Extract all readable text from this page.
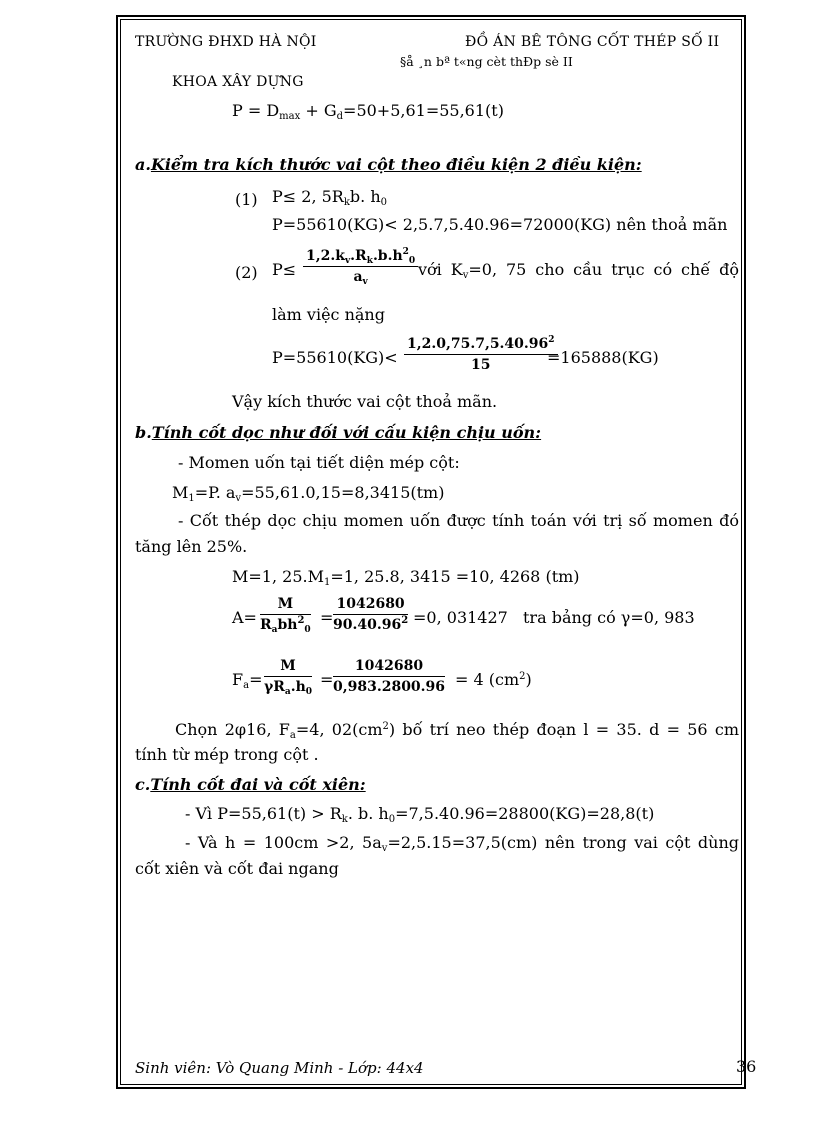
TRƯỜNG ĐHXD HÀ NỘI	ĐỒ ÁN BÊ TÔNG CỐT THÉP SỐ II
§å ¸n bª t«ng cèt thÐp sè II
KHOA XÂY DỰNG
$P = D_{max} + G_d=50+5,61=55,61(t)$
a.Kiểm tra kích thước vai cột theo điều kiện 2 điều kiện:
(1) P≤ 2, $5R_kb$. $h_0$
P=55610(KG)< 2,5.7,5.40.96=72000(KG) nên thoả mãn
(2) $P\le \frac{1,2.k_v.R_k.b.h^2_0}{a_v}$ với $K_v=0$, 75 cho cầu trục có chế độ
làm việc nặng
$P=55610(KG)< \frac{1,2.0,75.7,5.40.96^2}{15}$
=165888(KG)
Vậy kích thước vai cột thoả mãn.
b.Tính cốt dọc như đối với cấu kiện chịu uốn:
- Momen uốn tại tiết diện mép cột:
$M_1=P$. $a_v=55,61.0,15=8,3415(tm)$
- Cốt thép dọc chịu momen uốn được tính toán với trị số momen đó
tăng lên 25%.
M=1, $25.M_1=1$, 25.8, 3415 =10, 4268 (tm)
A=
M
$R_abh^2_0$
= $\frac{1042680}{90.40.96^2} =0$, 031427 tra bảng có γ=0, 983
$F_a=$
M
$\gamma R_a.h_0$
= $\frac{1042680}{0,983.2800.96} = 4$ $(cm^2)$
Chọn 2φ16, $F_a=4$, $02(cm^2)$ bố trí neo thép đoạn l = 35. d = 56 cm
tính từ mép trong cột .
c.Tính cốt đai và cốt xiên:
- Vì $P=55,61(t) > R_k$. b. $h_0=7,5.40.96=28800(KG)=28,8(t)$
- Và h = 100cm >2, $5a_v=2,5.15=37,5(cm)$ nên trong vai cột dùng
cốt xiên và cốt đai ngang
Sinh viên: Vò Quang Minh - Lớp: 44x4	36
